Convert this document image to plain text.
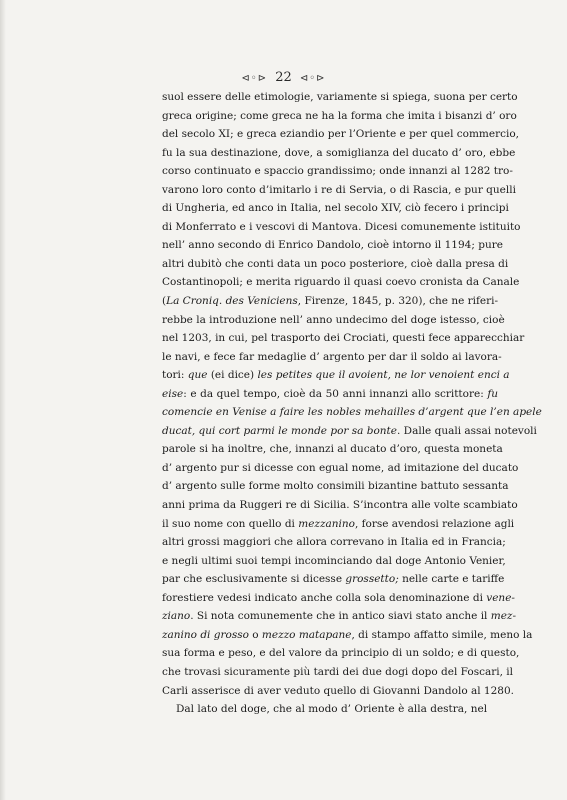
⊲◦⊳ 22 ⊲◦⊳
suol essere delle etimologie, variamente si spiega, suona per certo
greca origine; come greca ne ha la forma che imita i bisanzi d’ oro
del secolo XI; e greca eziandio per l’Oriente e per quel commercio,
fu la sua destinazione, dove, a somiglianza del ducato d’ oro, ebbe
corso continuato e spaccio grandissimo; onde innanzi al 1282 tro-
varono loro conto d’imitarlo i re di Servia, o di Rascia, e pur quelli
di Ungheria, ed anco in Italia, nel secolo XIV, ciò fecero i principi
di Monferrato e i vescovi di Mantova. Dicesi comunemente istituito
nell’ anno secondo di Enrico Dandolo, cioè intorno il 1194; pure
altri dubitò che conti data un poco posteriore, cioè dalla presa di
Costantinopoli; e merita riguardo il quasi coevo cronista da Canale
(La Croniq. des Veniciens, Firenze, 1845, p. 320), che ne riferi-
rebbe la introduzione nell’ anno undecimo del doge istesso, cioè
nel 1203, in cui, pel trasporto dei Crociati, questi fece apparecchiar
le navi, e fece far medaglie d’ argento per dar il soldo ai lavora-
tori: que (ei dice) les petites que il avoient, ne lor venoient enci a
eise: e da quel tempo, cioè da 50 anni innanzi allo scrittore: fu
comencie en Venise a faire les nobles mehailles d’argent que l’en apele
ducat, qui cort parmi le monde por sa bonte. Dalle quali assai notevoli
parole si ha inoltre, che, innanzi al ducato d’oro, questa moneta
d’ argento pur si dicesse con egual nome, ad imitazione del ducato
d’ argento sulle forme molto consimili bizantine battuto sessanta
anni prima da Ruggeri re di Sicilia. S’incontra alle volte scambiato
il suo nome con quello di mezzanino, forse avendosi relazione agli
altri grossi maggiori che allora correvano in Italia ed in Francia;
e negli ultimi suoi tempi incominciando dal doge Antonio Venier,
par che esclusivamente si dicesse grossetto; nelle carte e tariffe
forestiere vedesi indicato anche colla sola denominazione di vene-
ziano. Si nota comunemente che in antico siavi stato anche il mez-
zanino di grosso o mezzo matapane, di stampo affatto simile, meno la
sua forma e peso, e del valore da principio di un soldo; e di questo,
che trovasi sicuramente più tardi dei due dogi dopo del Foscari, il
Carli asserisce di aver veduto quello di Giovanni Dandolo al 1280.
Dal lato del doge, che al modo d’ Oriente è alla destra, nel
